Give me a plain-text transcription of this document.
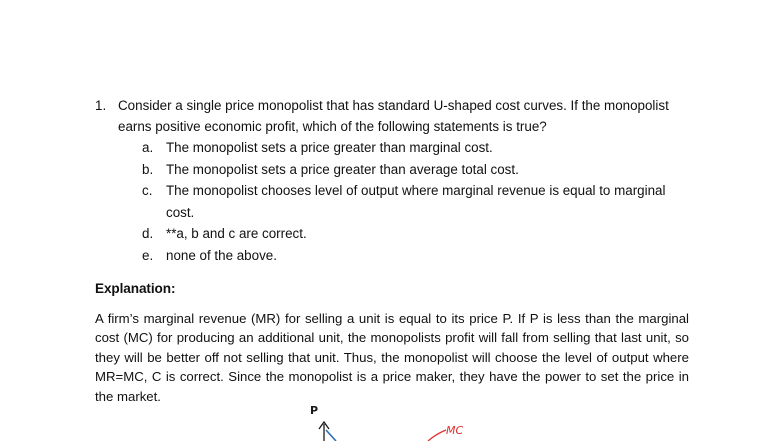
1. Consider a single price monopolist that has standard U-shaped cost curves. If the monopolist earns positive economic profit, which of the following statements is true?
a. The monopolist sets a price greater than marginal cost.
b. The monopolist sets a price greater than average total cost.
c. The monopolist chooses level of output where marginal revenue is equal to marginal cost.
d. **a, b and c are correct.
e. none of the above.
Explanation:

A firm’s marginal revenue (MR) for selling a unit is equal to its price P. If P is less than the marginal cost (MC) for producing an additional unit, the monopolists profit will fall from selling that last unit, so they will be better off not selling that unit. Thus, the monopolist will choose the level of output where MR=MC, C is correct. Since the monopolist is a price maker, they have the power to set the price in the market.

P
MC
